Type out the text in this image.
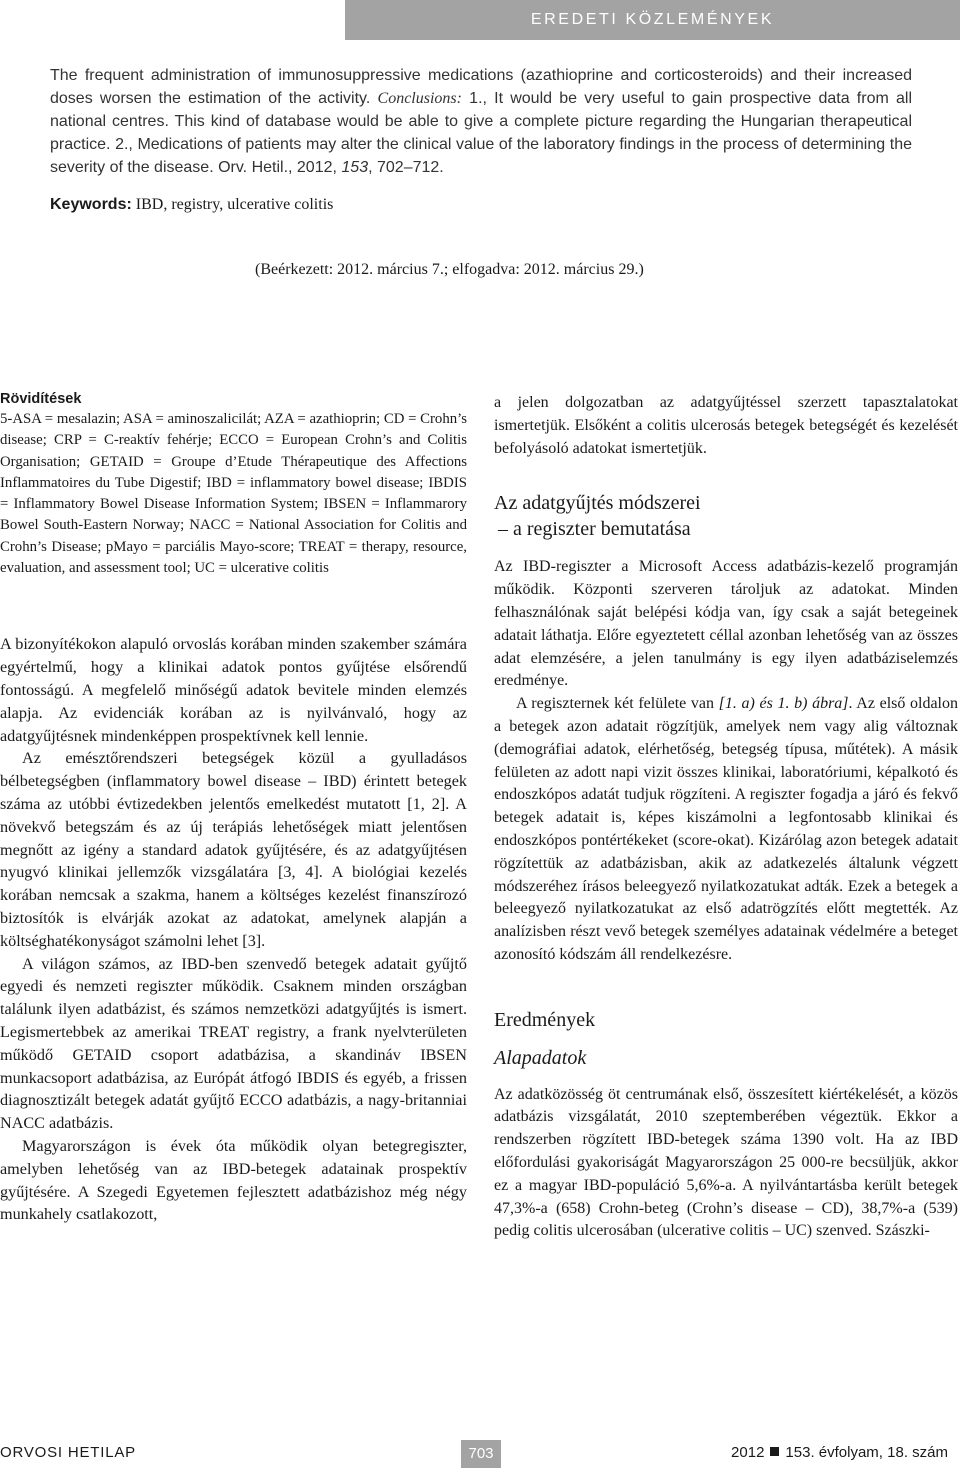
EREDETI KÖZLEMÉNYEK

The frequent administration of immunosuppressive medications (azathioprine and corticosteroids) and their increased doses worsen the estimation of the activity. Conclusions: 1., It would be very useful to gain prospective data from all national centres. This kind of database would be able to give a complete picture regarding the Hungarian therapeutical practice. 2., Medications of patients may alter the clinical value of the laboratory findings in the process of determining the severity of the disease. Orv. Hetil., 2012, 153, 702–712.

Keywords: IBD, registry, ulcerative colitis
(Beérkezett: 2012. március 7.; elfogadva: 2012. március 29.)

Rövidítések

5-ASA = mesalazin; ASA = aminoszalicilát; AZA = azathioprin; CD = Crohn’s disease; CRP = C-reaktív fehérje; ECCO = European Crohn’s and Colitis Organisation; GETAID = Groupe d’Etude Thérapeutique des Affections Inflammatoires du Tube Digestif; IBD = inflammatory bowel disease; IBDIS = Inflammatory Bowel Disease Information System; IBSEN = Inflammarory Bowel South-Eastern Norway; NACC = National Association for Colitis and Crohn’s Disease; pMayo = parciális Mayo-score; TREAT = therapy, resource, evaluation, and assessment tool; UC = ulcerative colitis

A bizonyítékokon alapuló orvoslás korában minden szakember számára egyértelmű, hogy a klinikai adatok pontos gyűjtése elsőrendű fontosságú. A megfelelő minőségű adatok bevitele minden elemzés alapja. Az evidenciák korában az is nyilvánvaló, hogy az adatgyűjtésnek mindenképpen prospektívnek kell lennie.

Az emésztőrendszeri betegségek közül a gyulladásos bélbetegségben (inflammatory bowel disease – IBD) érintett betegek száma az utóbbi évtizedekben jelentős emelkedést mutatott [1, 2]. A növekvő betegszám és az új terápiás lehetőségek miatt jelentősen megnőtt az igény a standard adatok gyűjtésére, és az adatgyűjtésen nyugvó klinikai jellemzők vizsgálatára [3, 4]. A biológiai kezelés korában nemcsak a szakma, hanem a költséges kezelést finanszírozó biztosítók is elvárják azokat az adatokat, amelynek alapján a költséghatékonyságot számolni lehet [3].

A világon számos, az IBD-ben szenvedő betegek adatait gyűjtő egyedi és nemzeti regiszter működik. Csaknem minden országban találunk ilyen adatbázist, és számos nemzetközi adatgyűjtés is ismert. Legismertebbek az amerikai TREAT registry, a frank nyelvterületen működő GETAID csoport adatbázisa, a skandináv IBSEN munkacsoport adatbázisa, az Európát átfogó IBDIS és egyéb, a frissen diagnosztizált betegek adatát gyűjtő ECCO adatbázis, a nagy-britanniai NACC adatbázis.

Magyarországon is évek óta működik olyan betegregiszter, amelyben lehetőség van az IBD-betegek adatainak prospektív gyűjtésére. A Szegedi Egyetemen fejlesztett adatbázishoz még négy munkahely csatlakozott,

a jelen dolgozatban az adatgyűjtéssel szerzett tapasztalatokat ismertetjük. Elsőként a colitis ulcerosás betegek betegségét és kezelését befolyásoló adatokat ismertetjük.

Az adatgyűjtés módszerei
– a regiszter bemutatása

Az IBD-regiszter a Microsoft Access adatbázis-kezelő programján működik. Központi szerveren tároljuk az adatokat. Minden felhasználónak saját belépési kódja van, így csak a saját betegeinek adatait láthatja. Előre egyeztetett céllal azonban lehetőség van az összes adat elemzésére, a jelen tanulmány is egy ilyen adatbáziselemzés eredménye.

A regiszternek két felülete van [1. a) és 1. b) ábra]. Az első oldalon a betegek azon adatait rögzítjük, amelyek nem vagy alig változnak (demográfiai adatok, elérhetőség, betegség típusa, műtétek). A másik felületen az adott napi vizit összes klinikai, laboratóriumi, képalkotó és endoszkópos adatát tudjuk rögzíteni. A regiszter fogadja a járó és fekvő betegek adatait is, képes kiszámolni a legfontosabb klinikai és endoszkópos pontértékeket (score-okat). Kizárólag azon betegek adatait rögzítettük az adatbázisban, akik az adatkezelés általunk végzett módszeréhez írásos beleegyező nyilatkozatukat adták. Ezek a betegek a beleegyező nyilatkozatukat az első adatrögzítés előtt megtették. Az analízisben részt vevő betegek személyes adatainak védelmére a beteget azonosító kódszám áll rendelkezésre.

Eredmények
Alapadatok

Az adatközösség öt centrumának első, összesített kiértékelését, a közös adatbázis vizsgálatát, 2010 szeptemberében végeztük. Ekkor a rendszerben rögzített IBD-betegek száma 1390 volt. Ha az IBD előfordulási gyakoriságát Magyarországon 25 000-re becsüljük, akkor ez a magyar IBD-populáció 5,6%-a. A nyilvántartásba került betegek 47,3%-a (658) Crohn-beteg (Crohn’s disease – CD), 38,7%-a (539) pedig colitis ulcerosában (ulcerative colitis – UC) szenved. Szászki-

ORVOSI HETILAP	703	2012 153. évfolyam, 18. szám
